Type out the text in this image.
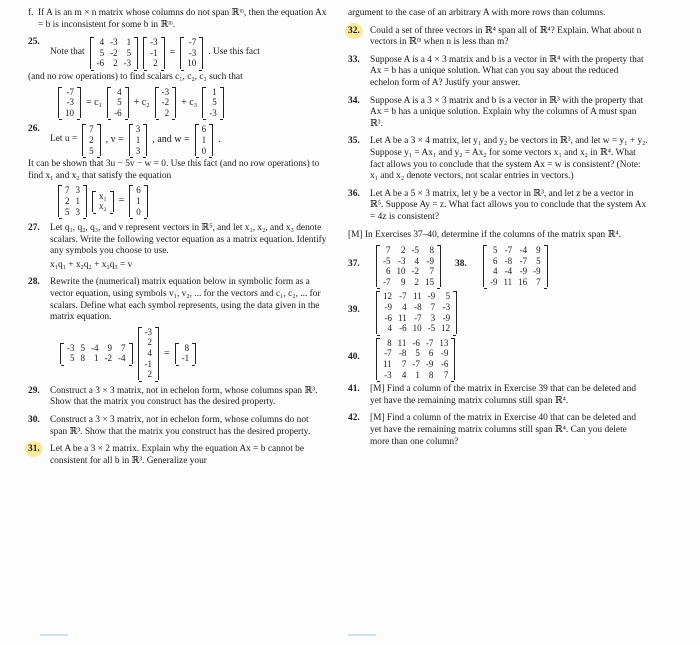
f. If A is an m × n matrix whose columns do not span ℝᵐ, then the equation Ax = b is inconsistent for some b in ℝᵐ.
25.
Note that
4	-3	1
5	-2	5
-6	2	-3
-3
-1
2
=
-7
-3
10
. Use this fact
(and no row operations) to find scalars c₁, c₂, c₃ such that
-7
-3
10
= c₁
4
5
-6
+ c₂
-3
-2
2
+ c₃
1
5
-3
26.
Let u =
7
2
5
, v =
3
1
3
, and w =
6
1
0
.
It can be shown that 3u − 5v − w = 0. Use this fact (and no row operations) to find x₁ and x₂ that satisfy the equation
7	3
2	1
5	3
x₁
x₂ =
6
1
0
27. Let q₁, q₂, q₃, and v represent vectors in ℝ⁵, and let x₁, x₂, and x₃ denote scalars. Write the following vector equation as a matrix equation. Identify any symbols you choose to use.
x₁q₁ + x₂q₂ + x₃q₃ = v
28. Rewrite the (numerical) matrix equation below in symbolic form as a vector equation, using symbols v₁, v₂, ... for the vectors and c₁, c₂, ... for scalars. Define what each symbol represents, using the data given in the matrix equation.
-3	5	-4	9	7
5	8	1	-2	-4
-3
2
4
-1
2
= 8
-1
29. Construct a 3 × 3 matrix, not in echelon form, whose columns span ℝ³. Show that the matrix you construct has the desired property.
30. Construct a 3 × 3 matrix, not in echelon form, whose columns do not span ℝ³. Show that the matrix you construct has the desired property.
31. Let A be a 3 × 2 matrix. Explain why the equation Ax = b cannot be consistent for all b in ℝ³. Generalize your
argument to the case of an arbitrary A with more rows than columns.
32. Could a set of three vectors in ℝ⁴ span all of ℝ⁴? Explain. What about n vectors in ℝᵐ when n is less than m?
33. Suppose A is a 4 × 3 matrix and b is a vector in ℝ⁴ with the property that Ax = b has a unique solution. What can you say about the reduced echelon form of A? Justify your answer.
34. Suppose A is a 3 × 3 matrix and b is a vector in ℝ³ with the property that Ax = b has a unique solution. Explain why the columns of A must span ℝ³.
35. Let A be a 3 × 4 matrix, let y₁ and y₂ be vectors in ℝ³, and let w = y₁ + y₂. Suppose y₁ = Ax₁ and y₂ = Ax₂ for some vectors x₁ and x₂ in ℝ⁴. What fact allows you to conclude that the system Ax = w is consistent? (Note: x₁ and x₂ denote vectors, not scalar entries in vectors.)
36. Let A be a 5 × 3 matrix, let y be a vector in ℝ³, and let z be a vector in ℝ⁵. Suppose Ay = z. What fact allows you to conclude that the system Ax = 4z is consistent?
[M] In Exercises 37–40, determine if the columns of the matrix span ℝ⁴.
37.
7	2	-5	8
-5	-3	4	-9
6	10	-2	7
-7	9	2	15
38.
5	-7	-4	9
6	-8	-7	5
4	-4	-9	-9
-9	11	16	7
39.
12	-7	11	-9	5
-9	4	-8	7	-3
-6	11	-7	3	-9
4	-6	10	-5	12
40.
8	11	-6	-7	13
-7	-8	5	6	-9
11	7	-7	-9	-6
-3	4	1	8	7
41. [M] Find a column of the matrix in Exercise 39 that can be deleted and yet have the remaining matrix columns still span ℝ⁴.
42. [M] Find a column of the matrix in Exercise 40 that can be deleted and yet have the remaining matrix columns still span ℝ⁴. Can you delete more than one column?
